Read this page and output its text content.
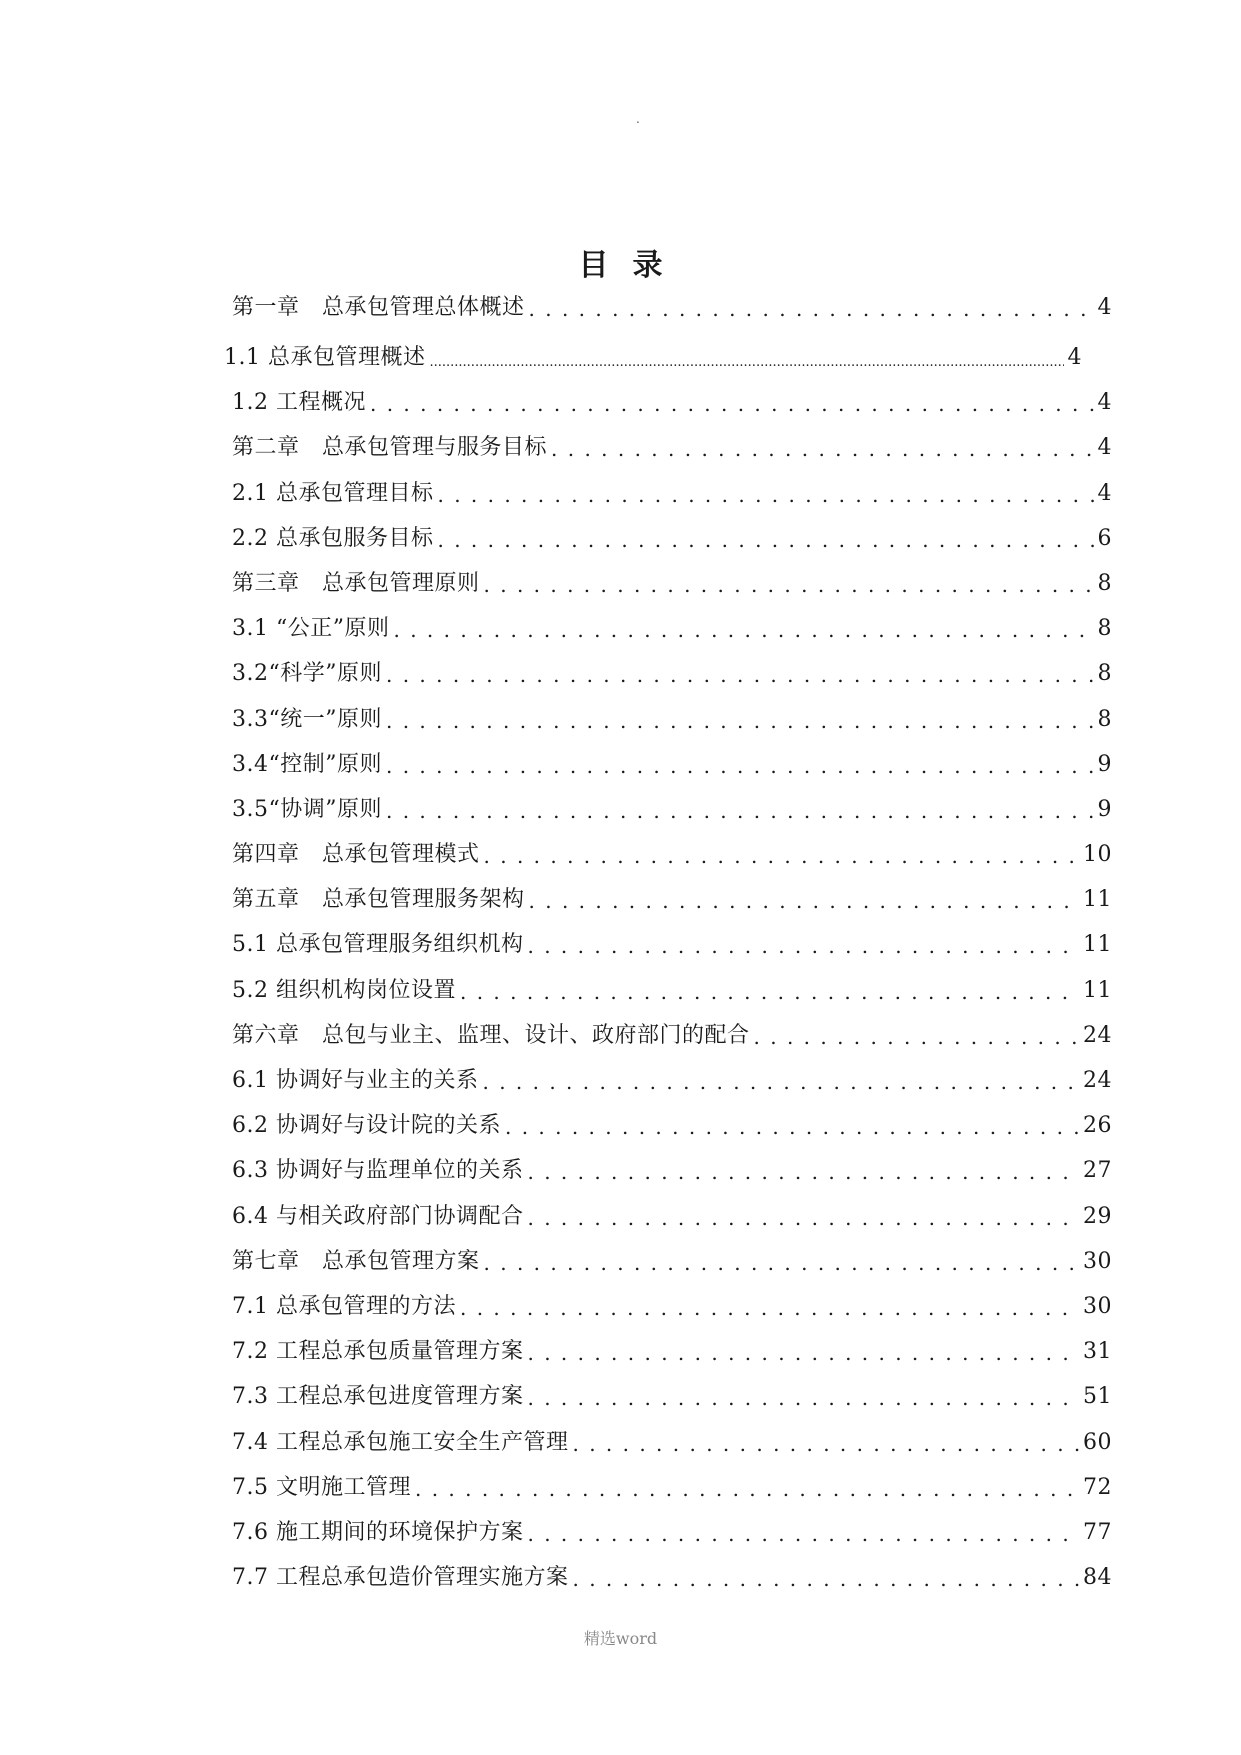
.
目录
第一章　总承包管理总体概述 . . .	4
1.1 总承包管理概述 .....	4
1.2 工程概况 . . .	4
第二章　总承包管理与服务目标 . . .	4
2.1 总承包管理目标 . . .	4
2.2 总承包服务目标 . . .	6
第三章　总承包管理原则 . . .	8
3.1 “公正”原则 . . .	8
3.2“科学”原则 . . .	8
3.3“统一”原则 . . .	8
3.4“控制”原则 . . .	9
3.5“协调”原则 . . .	9
第四章　总承包管理模式 . . .	10
第五章　总承包管理服务架构 . . .	11
5.1 总承包管理服务组织机构 . . .	11
5.2 组织机构岗位设置 . . .	11
第六章　总包与业主、监理、设计、政府部门的配合 . . .	24
6.1 协调好与业主的关系 . . .	24
6.2 协调好与设计院的关系 . . .	26
6.3 协调好与监理单位的关系 . . .	27
6.4 与相关政府部门协调配合 . . .	29
第七章　总承包管理方案 . . .	30
7.1 总承包管理的方法 . . .	30
7.2 工程总承包质量管理方案 . . .	31
7.3 工程总承包进度管理方案 . . .	51
7.4 工程总承包施工安全生产管理 . . .	60
7.5 文明施工管理 . . .	72
7.6 施工期间的环境保护方案 . . .	77
7.7 工程总承包造价管理实施方案 . . .	84
精选word
